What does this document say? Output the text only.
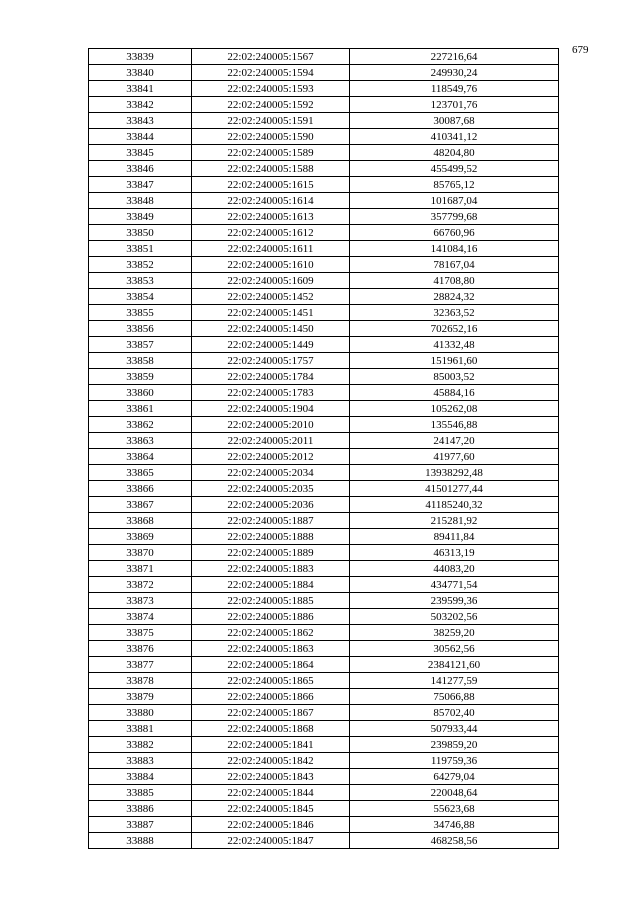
679
33839	22:02:240005:1567	227216,64
33840	22:02:240005:1594	249930,24
33841	22:02:240005:1593	118549,76
33842	22:02:240005:1592	123701,76
33843	22:02:240005:1591	30087,68
33844	22:02:240005:1590	410341,12
33845	22:02:240005:1589	48204,80
33846	22:02:240005:1588	455499,52
33847	22:02:240005:1615	85765,12
33848	22:02:240005:1614	101687,04
33849	22:02:240005:1613	357799,68
33850	22:02:240005:1612	66760,96
33851	22:02:240005:1611	141084,16
33852	22:02:240005:1610	78167,04
33853	22:02:240005:1609	41708,80
33854	22:02:240005:1452	28824,32
33855	22:02:240005:1451	32363,52
33856	22:02:240005:1450	702652,16
33857	22:02:240005:1449	41332,48
33858	22:02:240005:1757	151961,60
33859	22:02:240005:1784	85003,52
33860	22:02:240005:1783	45884,16
33861	22:02:240005:1904	105262,08
33862	22:02:240005:2010	135546,88
33863	22:02:240005:2011	24147,20
33864	22:02:240005:2012	41977,60
33865	22:02:240005:2034	13938292,48
33866	22:02:240005:2035	41501277,44
33867	22:02:240005:2036	41185240,32
33868	22:02:240005:1887	215281,92
33869	22:02:240005:1888	89411,84
33870	22:02:240005:1889	46313,19
33871	22:02:240005:1883	44083,20
33872	22:02:240005:1884	434771,54
33873	22:02:240005:1885	239599,36
33874	22:02:240005:1886	503202,56
33875	22:02:240005:1862	38259,20
33876	22:02:240005:1863	30562,56
33877	22:02:240005:1864	2384121,60
33878	22:02:240005:1865	141277,59
33879	22:02:240005:1866	75066,88
33880	22:02:240005:1867	85702,40
33881	22:02:240005:1868	507933,44
33882	22:02:240005:1841	239859,20
33883	22:02:240005:1842	119759,36
33884	22:02:240005:1843	64279,04
33885	22:02:240005:1844	220048,64
33886	22:02:240005:1845	55623,68
33887	22:02:240005:1846	34746,88
33888	22:02:240005:1847	468258,56
